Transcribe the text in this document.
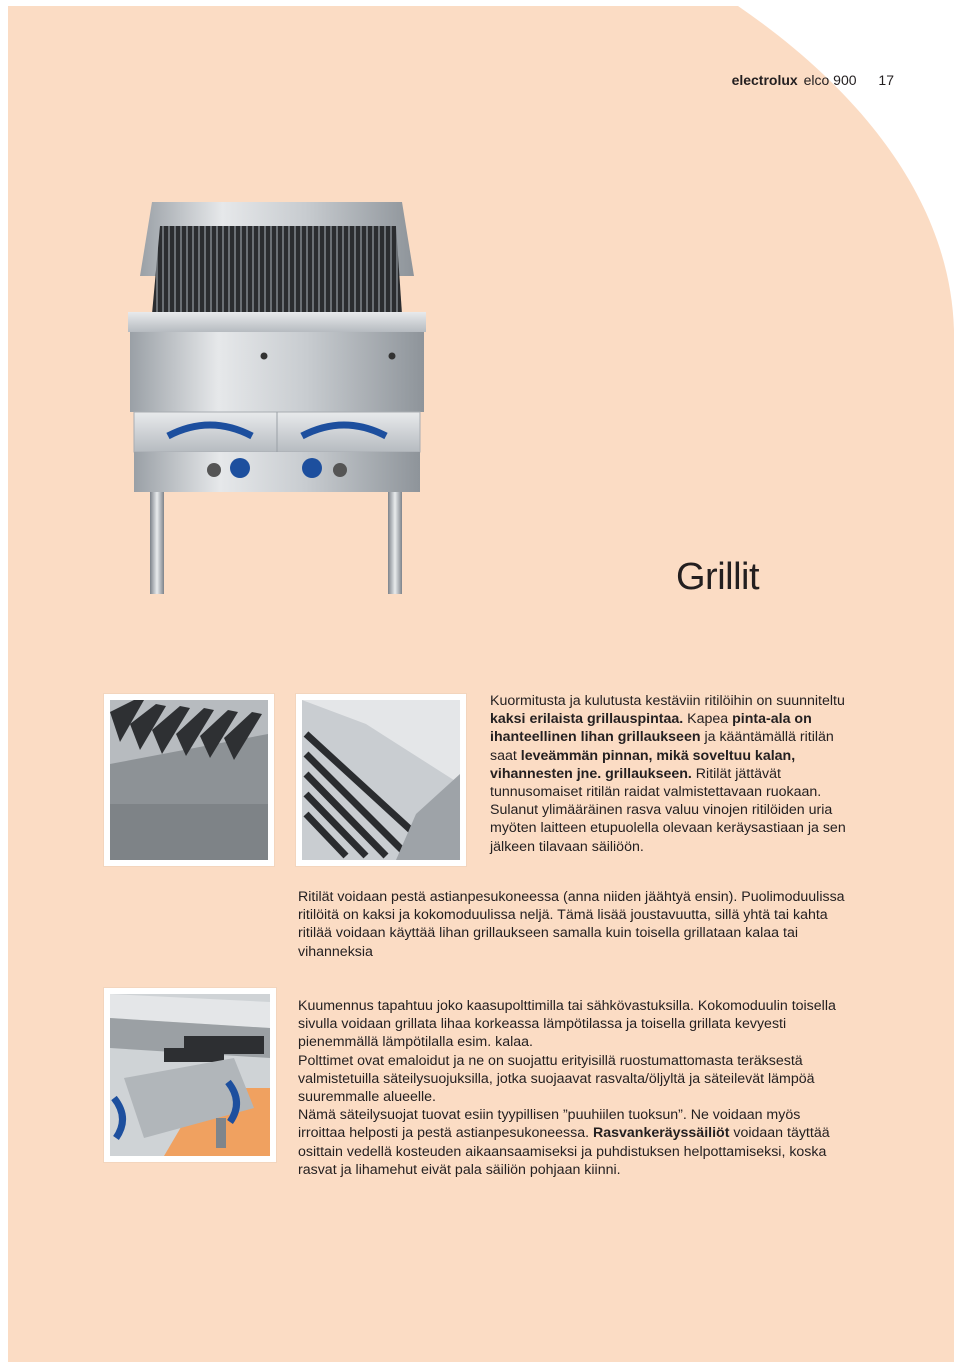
electrolux elco 900 17
Grillit
Kuormitusta ja kulutusta kestäviin ritilöihin on suunniteltu kaksi erilaista grillauspintaa. Kapea pinta-ala on ihanteellinen lihan grillaukseen ja kääntämällä ritilän saat leveämmän pinnan, mikä soveltuu kalan, vihannesten jne. grillaukseen. Ritilät jättävät tunnusomaiset ritilän raidat valmistettavaan ruokaan.
Sulanut ylimääräinen rasva valuu vinojen ritilöiden uria myöten laitteen etupuolella olevaan keräysastiaan ja sen jälkeen tilavaan säiliöön.
Ritilät voidaan pestä astianpesukoneessa (anna niiden jäähtyä ensin). Puolimoduulissa ritilöitä on kaksi ja kokomoduulissa neljä. Tämä lisää joustavuutta, sillä yhtä tai kahta ritilää voidaan käyttää lihan grillaukseen samalla kuin toisella grillataan kalaa tai vihanneksia
Kuumennus tapahtuu joko kaasupolttimilla tai sähkövastuksilla. Kokomoduulin toisella sivulla voidaan grillata lihaa korkeassa lämpötilassa ja toisella grillata kevyesti pienemmällä lämpötilalla esim. kalaa.
Polttimet ovat emaloidut ja ne on suojattu erityisillä ruostumattomasta teräksestä valmistetuilla säteilysuojuksilla, jotka suojaavat rasvalta/öljyltä ja säteilevät lämpöä suuremmalle alueelle.
Nämä säteilysuojat tuovat esiin tyypillisen ”puuhiilen tuoksun”. Ne voidaan myös irroittaa helposti ja pestä astianpesukoneessa. Rasvankeräyssäiliöt voidaan täyttää osittain vedellä kosteuden aikaansaamiseksi ja puhdistuksen helpottamiseksi, koska rasvat ja lihamehut eivät pala säiliön pohjaan kiinni.
